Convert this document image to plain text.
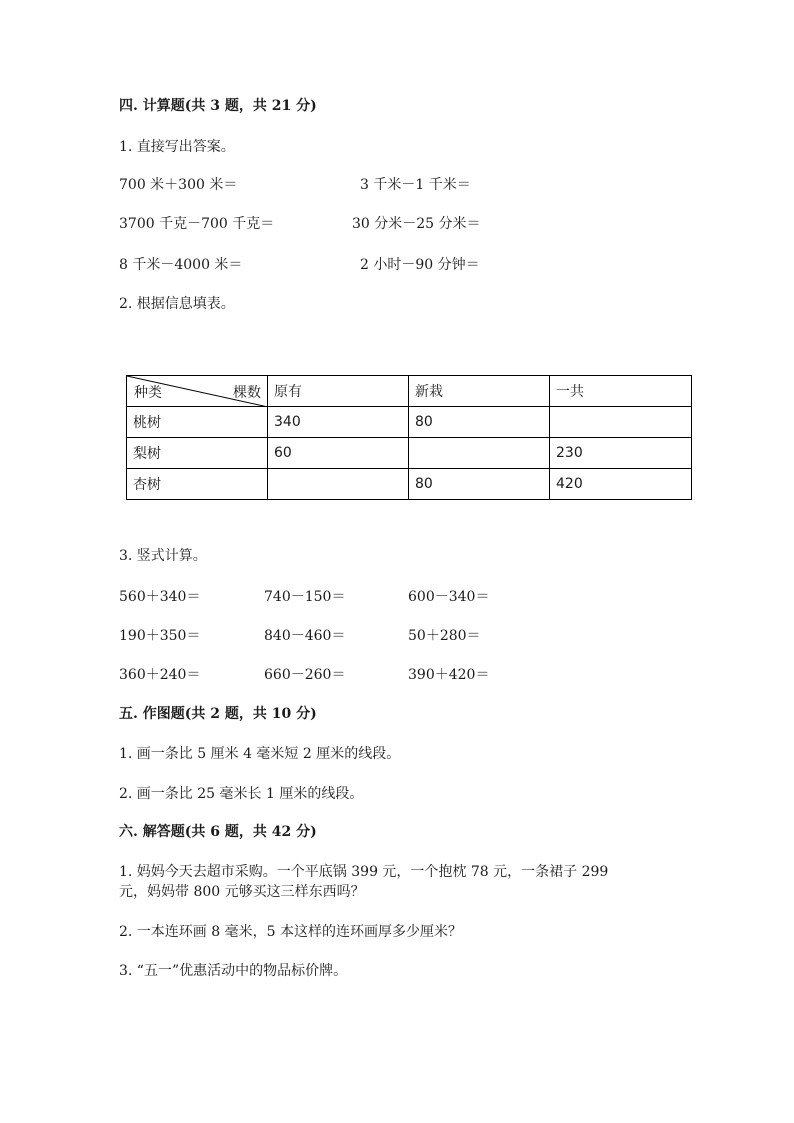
四. 计算题(共 3 题，共 21 分)
1. 直接写出答案。
700 米＋300 米＝	3 千米－1 千米＝
3700 千克－700 千克＝	30 分米－25 分米＝
8 千米－4000 米＝	2 小时－90 分钟＝
2. 根据信息填表。
种类 棵数	原有	新栽	一共
桃树	340	80	
梨树	60		230
杏树		80	420
3. 竖式计算。
560＋340＝	740－150＝	600－340＝
190＋350＝	840－460＝	50＋280＝
360＋240＝	660－260＝	390＋420＝
五. 作图题(共 2 题，共 10 分)
1. 画一条比 5 厘米 4 毫米短 2 厘米的线段。
2. 画一条比 25 毫米长 1 厘米的线段。
六. 解答题(共 6 题，共 42 分)
1. 妈妈今天去超市采购。一个平底锅 399 元，一个抱枕 78 元，一条裙子 299
元，妈妈带 800 元够买这三样东西吗？
2. 一本连环画 8 毫米，5 本这样的连环画厚多少厘米？
3. “五一”优惠活动中的物品标价牌。
